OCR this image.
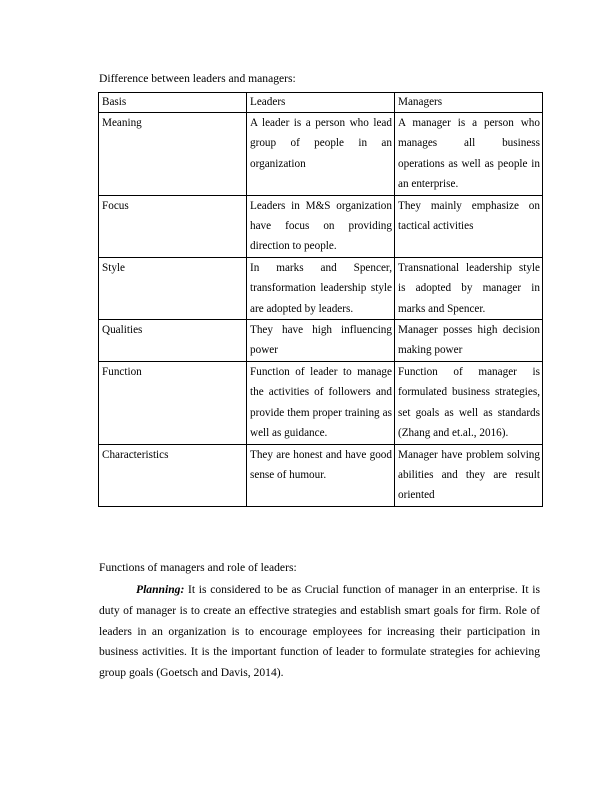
Difference between leaders and managers:
Basis	Leaders	Managers
Meaning	A leader is a person who lead group of people in an organization	A manager is a person who manages all business operations as well as people in an enterprise.
Focus	Leaders in M&S organization have focus on providing direction to people.	They mainly emphasize on tactical activities
Style	In marks and Spencer, transformation leadership style are adopted by leaders.	Transnational leadership style is adopted by manager in marks and Spencer.
Qualities	They have high influencing power	Manager posses high decision making power
Function	Function of leader to manage the activities of followers and provide them proper training as well as guidance.	Function of manager is formulated business strategies, set goals as well as standards (Zhang and et.al., 2016).
Characteristics	They are honest and have good sense of humour.	Manager have problem solving abilities and they are result oriented
Functions of managers and role of leaders:

Planning: It is considered to be as Crucial function of manager in an enterprise. It is duty of manager is to create an effective strategies and establish smart goals for firm. Role of leaders in an organization is to encourage employees for increasing their participation in business activities. It is the important function of leader to formulate strategies for achieving group goals (Goetsch and Davis, 2014).
